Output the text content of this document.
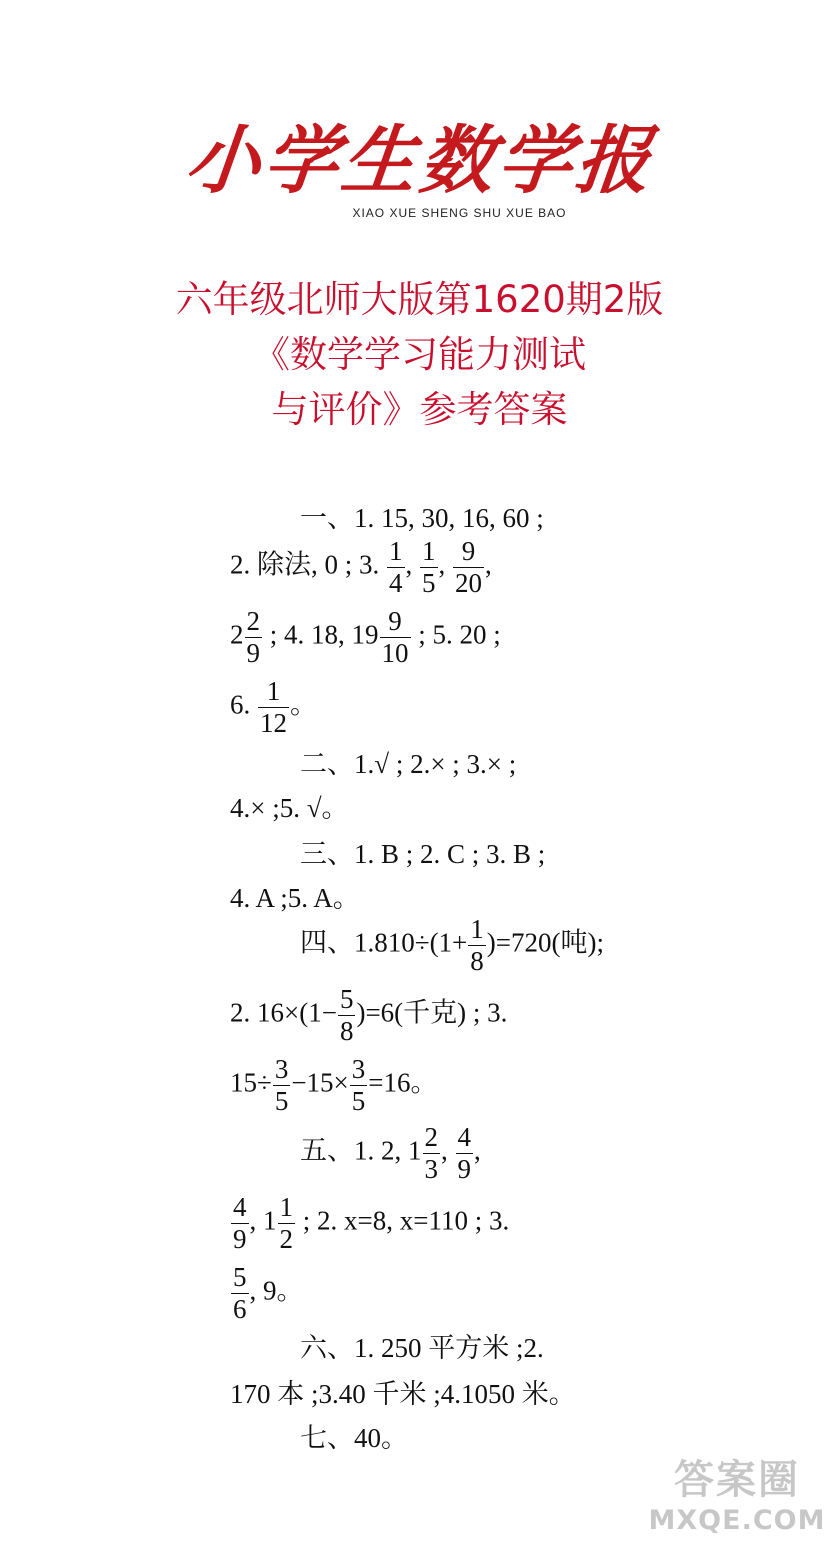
小学生数学报
XIAO XUE SHENG SHU XUE BAO
六年级北师大版第1620期2版
《数学学习能力测试
与评价》参考答案
一、1. 15, 30, 16, 60 ;
2. 除法, 0 ; 3. $\frac{1}{4}$ , $\frac{1}{5}$ , $\frac{9}{20}$ ,
$2 \frac{2}{9}$ ; 4. 18, $19 \frac{9}{10}$ ; 5. 20 ;
6. $\frac{1}{12}$ 。
二、1.√ ; 2.× ; 3.× ;
4.× ;5. √。
三、1. B ; 2. C ; 3. B ;
4. A ;5. A。
四、$1.810\div(1+ \frac{1}{8} )=720$(吨);
2. $16\times(1- \frac{5}{8} )=6$(千克) ; 3.
$15\div \frac{3}{5} -15\times \frac{3}{5} =16$。
五、1. 2, $1 \frac{2}{3}$ , $\frac{4}{9}$ ,
$\frac{4}{9}$ , $1 \frac{1}{2}$ ; 2. x=8, x=110 ; 3.
$\frac{5}{6}$ , 9。
六、1. 250 平方米 ;2.
170 本 ;3.40 千米 ;4.1050 米。
七、40。
答案圈
MXQE.COM
